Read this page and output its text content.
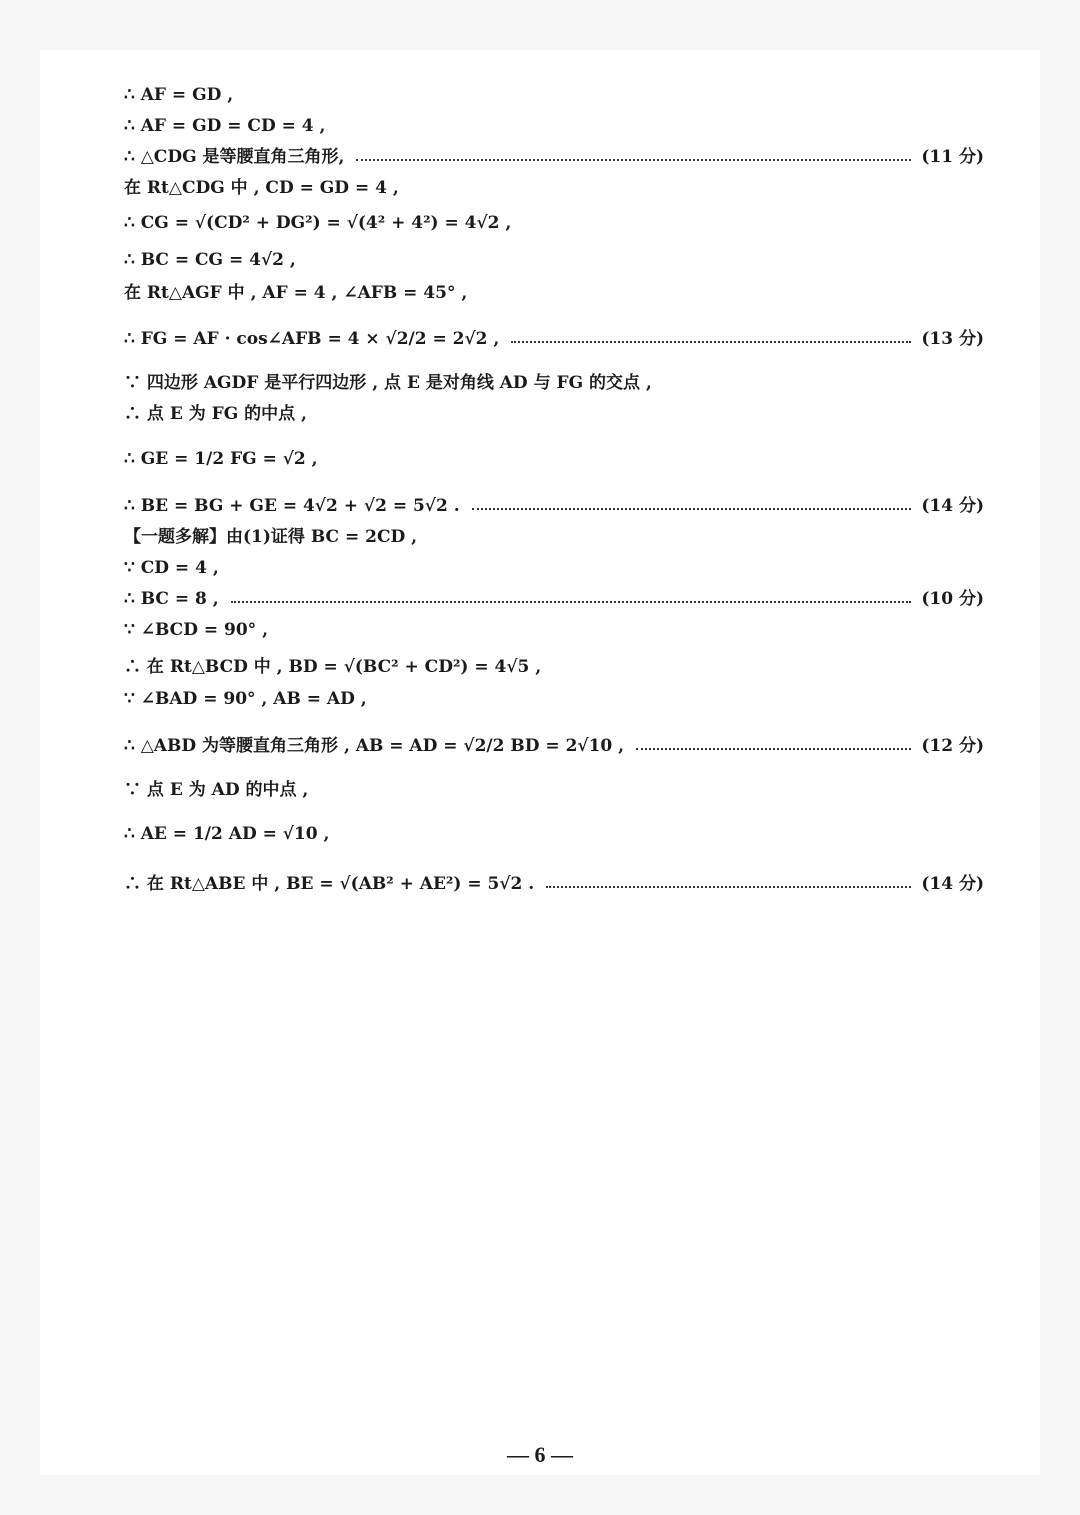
∴ AF = GD ,
∴ AF = GD = CD = 4 ,
∴ △CDG 是等腰直角三角形,	(11 分)
在 Rt△CDG 中 , CD = GD = 4 ,
∴ CG = √(CD² + DG²) = √(4² + 4²) = 4√2 ,
∴ BC = CG = 4√2 ,
在 Rt△AGF 中 , AF = 4 , ∠AFB = 45° ,
∴ FG = AF · cos∠AFB = 4 × √2/2 = 2√2 ,	(13 分)
∵ 四边形 AGDF 是平行四边形 , 点 E 是对角线 AD 与 FG 的交点 ,
∴ 点 E 为 FG 的中点 ,
∴ GE = 1/2 FG = √2 ,
∴ BE = BG + GE = 4√2 + √2 = 5√2 .	(14 分)
【一题多解】由(1)证得 BC = 2CD ,
∵ CD = 4 ,
∴ BC = 8 ,	(10 分)
∵ ∠BCD = 90° ,
∴ 在 Rt△BCD 中 , BD = √(BC² + CD²) = 4√5 ,
∵ ∠BAD = 90° , AB = AD ,
∴ △ABD 为等腰直角三角形 , AB = AD = √2/2 BD = 2√10 ,	(12 分)
∵ 点 E 为 AD 的中点 ,
∴ AE = 1/2 AD = √10 ,
∴ 在 Rt△ABE 中 , BE = √(AB² + AE²) = 5√2 .	(14 分)
— 6 —
